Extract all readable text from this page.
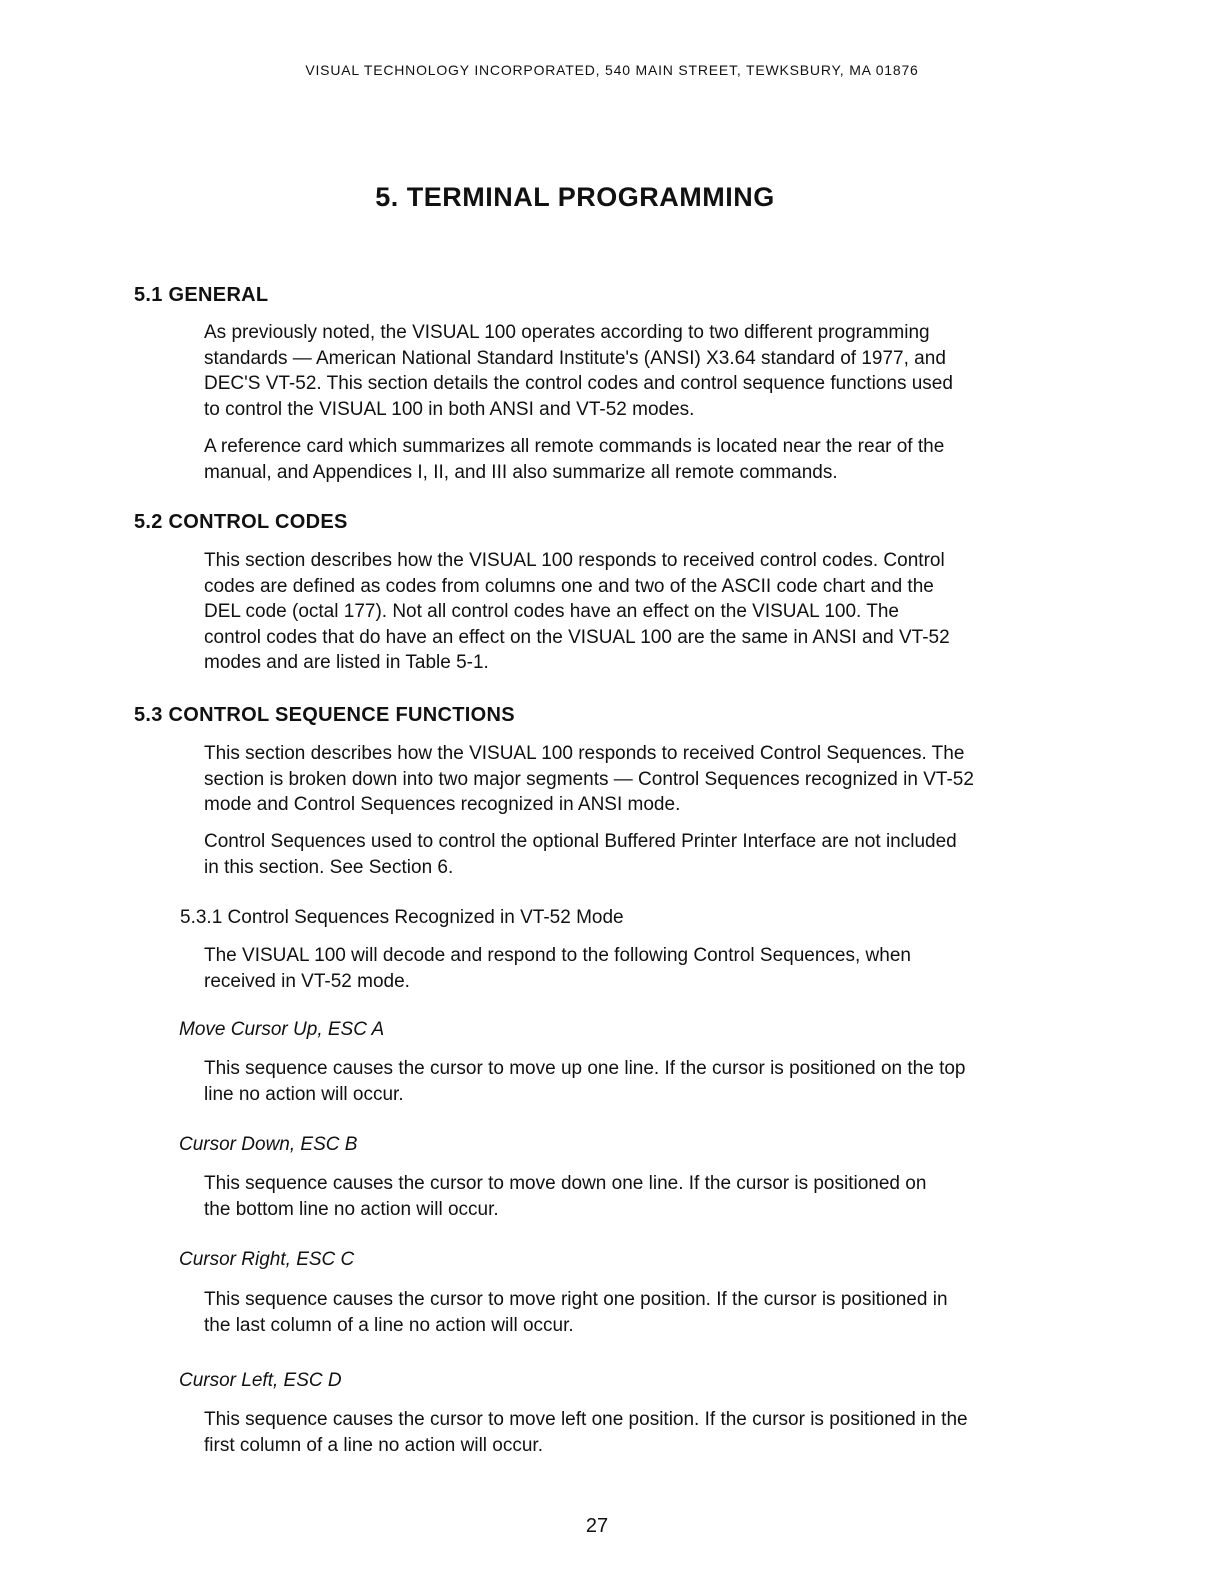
VISUAL TECHNOLOGY INCORPORATED, 540 MAIN STREET, TEWKSBURY, MA 01876
5. TERMINAL PROGRAMMING
5.1 GENERAL
As previously noted, the VISUAL 100 operates according to two different programming
standards — American National Standard Institute's (ANSI) X3.64 standard of 1977, and
DEC'S VT-52. This section details the control codes and control sequence functions used
to control the VISUAL 100 in both ANSI and VT-52 modes.
A reference card which summarizes all remote commands is located near the rear of the
manual, and Appendices I, II, and III also summarize all remote commands.
5.2 CONTROL CODES
This section describes how the VISUAL 100 responds to received control codes. Control
codes are defined as codes from columns one and two of the ASCII code chart and the
DEL code (octal 177). Not all control codes have an effect on the VISUAL 100. The
control codes that do have an effect on the VISUAL 100 are the same in ANSI and VT-52
modes and are listed in Table 5-1.
5.3 CONTROL SEQUENCE FUNCTIONS
This section describes how the VISUAL 100 responds to received Control Sequences. The
section is broken down into two major segments — Control Sequences recognized in VT-52
mode and Control Sequences recognized in ANSI mode.
Control Sequences used to control the optional Buffered Printer Interface are not included
in this section. See Section 6.
5.3.1 Control Sequences Recognized in VT-52 Mode
The VISUAL 100 will decode and respond to the following Control Sequences, when
received in VT-52 mode.
Move Cursor Up, ESC A
This sequence causes the cursor to move up one line. If the cursor is positioned on the top
line no action will occur.
Cursor Down, ESC B
This sequence causes the cursor to move down one line. If the cursor is positioned on
the bottom line no action will occur.
Cursor Right, ESC C
This sequence causes the cursor to move right one position. If the cursor is positioned in
the last column of a line no action will occur.
Cursor Left, ESC D
This sequence causes the cursor to move left one position. If the cursor is positioned in the
first column of a line no action will occur.
27
